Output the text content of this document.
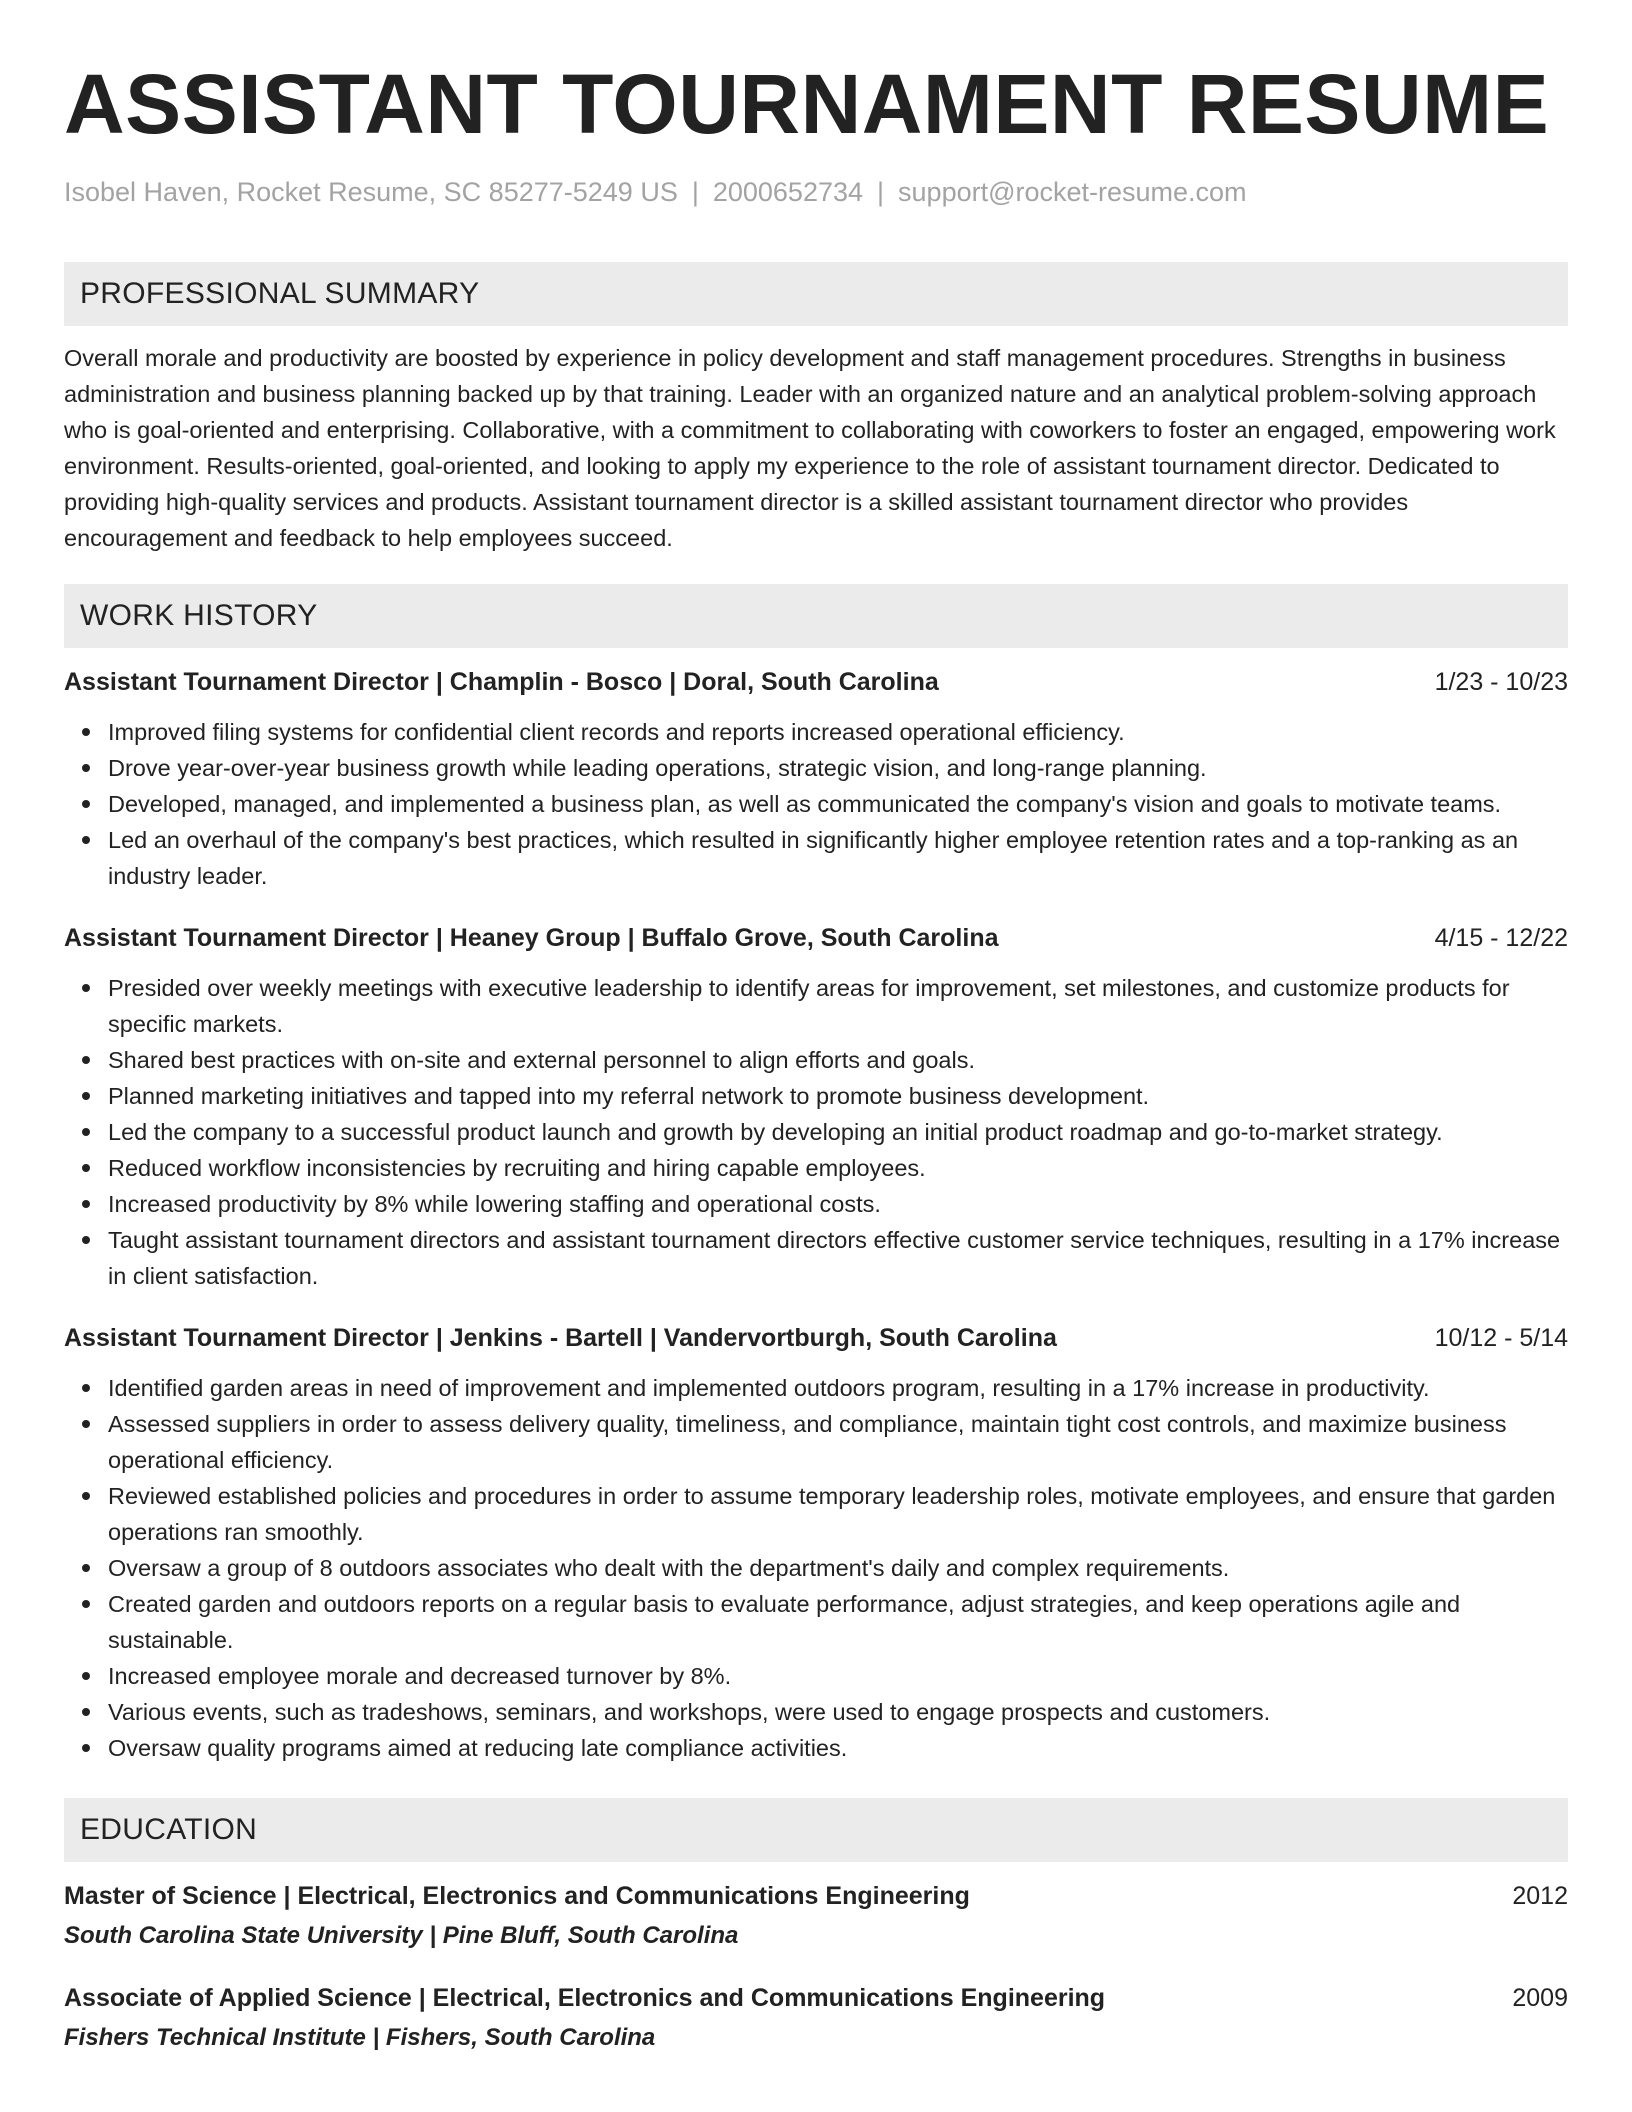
ASSISTANT TOURNAMENT RESUME
Isobel Haven, Rocket Resume, SC 85277-5249 US | 2000652734 | support@rocket-resume.com
PROFESSIONAL SUMMARY
Overall morale and productivity are boosted by experience in policy development and staff management procedures. Strengths in business administration and business planning backed up by that training. Leader with an organized nature and an analytical problem-solving approach who is goal-oriented and enterprising. Collaborative, with a commitment to collaborating with coworkers to foster an engaged, empowering work environment. Results-oriented, goal-oriented, and looking to apply my experience to the role of assistant tournament director. Dedicated to providing high-quality services and products. Assistant tournament director is a skilled assistant tournament director who provides encouragement and feedback to help employees succeed.
WORK HISTORY
Assistant Tournament Director | Champlin - Bosco | Doral, South Carolina	1/23 - 10/23
Improved filing systems for confidential client records and reports increased operational efficiency.
Drove year-over-year business growth while leading operations, strategic vision, and long-range planning.
Developed, managed, and implemented a business plan, as well as communicated the company's vision and goals to motivate teams.
Led an overhaul of the company's best practices, which resulted in significantly higher employee retention rates and a top-ranking as an industry leader.
Assistant Tournament Director | Heaney Group | Buffalo Grove, South Carolina	4/15 - 12/22
Presided over weekly meetings with executive leadership to identify areas for improvement, set milestones, and customize products for specific markets.
Shared best practices with on-site and external personnel to align efforts and goals.
Planned marketing initiatives and tapped into my referral network to promote business development.
Led the company to a successful product launch and growth by developing an initial product roadmap and go-to-market strategy.
Reduced workflow inconsistencies by recruiting and hiring capable employees.
Increased productivity by 8% while lowering staffing and operational costs.
Taught assistant tournament directors and assistant tournament directors effective customer service techniques, resulting in a 17% increase in client satisfaction.
Assistant Tournament Director | Jenkins - Bartell | Vandervortburgh, South Carolina	10/12 - 5/14
Identified garden areas in need of improvement and implemented outdoors program, resulting in a 17% increase in productivity.
Assessed suppliers in order to assess delivery quality, timeliness, and compliance, maintain tight cost controls, and maximize business operational efficiency.
Reviewed established policies and procedures in order to assume temporary leadership roles, motivate employees, and ensure that garden operations ran smoothly.
Oversaw a group of 8 outdoors associates who dealt with the department's daily and complex requirements.
Created garden and outdoors reports on a regular basis to evaluate performance, adjust strategies, and keep operations agile and sustainable.
Increased employee morale and decreased turnover by 8%.
Various events, such as tradeshows, seminars, and workshops, were used to engage prospects and customers.
Oversaw quality programs aimed at reducing late compliance activities.
EDUCATION
Master of Science | Electrical, Electronics and Communications Engineering	2012
South Carolina State University | Pine Bluff, South Carolina
Associate of Applied Science | Electrical, Electronics and Communications Engineering	2009
Fishers Technical Institute | Fishers, South Carolina
